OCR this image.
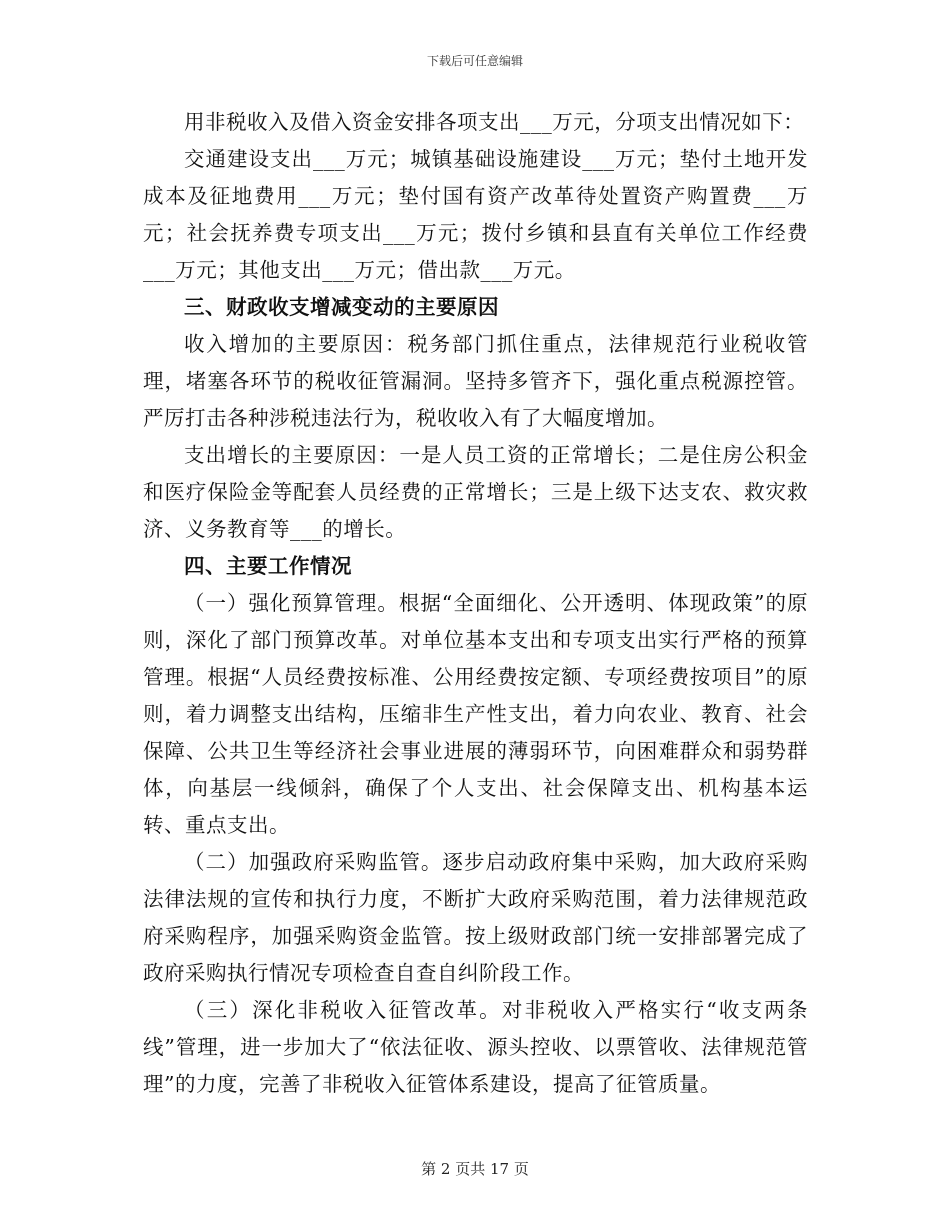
下载后可任意编辑

用非税收入及借入资金安排各项支出___万元，分项支出情况如下：

交通建设支出___万元；城镇基础设施建设___万元；垫付土地开发成本及征地费用___万元；垫付国有资产改革待处置资产购置费___万元；社会抚养费专项支出___万元；拨付乡镇和县直有关单位工作经费___万元；其他支出___万元；借出款___万元。

三、财政收支增减变动的主要原因

收入增加的主要原因：税务部门抓住重点，法律规范行业税收管理，堵塞各环节的税收征管漏洞。坚持多管齐下，强化重点税源控管。严厉打击各种涉税违法行为，税收收入有了大幅度增加。

支出增长的主要原因：一是人员工资的正常增长；二是住房公积金和医疗保险金等配套人员经费的正常增长；三是上级下达支农、救灾救济、义务教育等___的增长。

四、主要工作情况

（一）强化预算管理。根据“全面细化、公开透明、体现政策”的原则，深化了部门预算改革。对单位基本支出和专项支出实行严格的预算管理。根据“人员经费按标准、公用经费按定额、专项经费按项目”的原则，着力调整支出结构，压缩非生产性支出，着力向农业、教育、社会保障、公共卫生等经济社会事业进展的薄弱环节，向困难群众和弱势群体，向基层一线倾斜，确保了个人支出、社会保障支出、机构基本运转、重点支出。

（二）加强政府采购监管。逐步启动政府集中采购，加大政府采购法律法规的宣传和执行力度，不断扩大政府采购范围，着力法律规范政府采购程序，加强采购资金监管。按上级财政部门统一安排部署完成了政府采购执行情况专项检查自查自纠阶段工作。

（三）深化非税收入征管改革。对非税收入严格实行“收支两条线”管理，进一步加大了“依法征收、源头控收、以票管收、法律规范管理”的力度，完善了非税收入征管体系建设，提高了征管质量。

第 2 页共 17 页
